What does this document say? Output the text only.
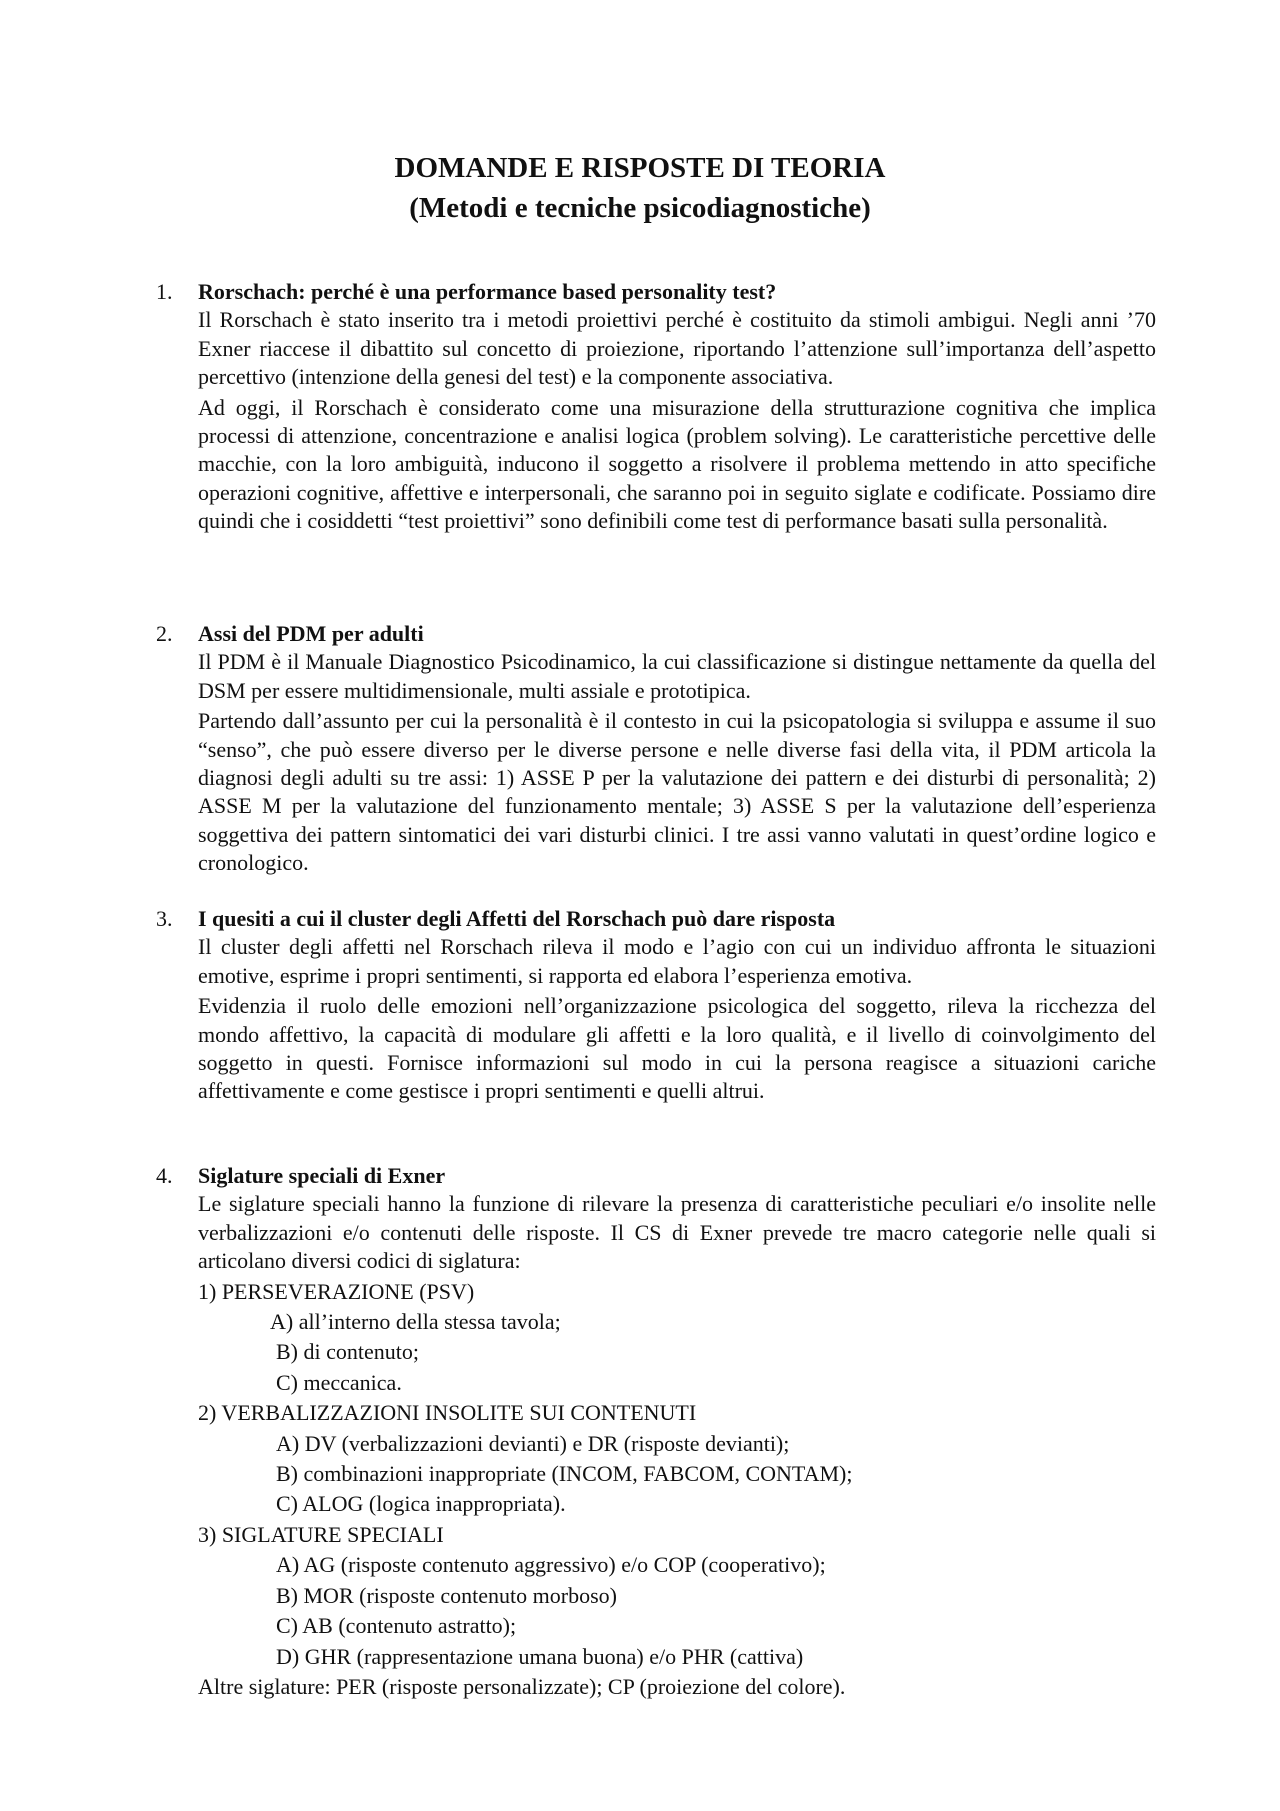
DOMANDE E RISPOSTE DI TEORIA
(Metodi e tecniche psicodiagnostiche)
1.	Rorschach: perché è una performance based personality test?
Il Rorschach è stato inserito tra i metodi proiettivi perché è costituito da stimoli ambigui. Negli anni ’70 Exner riaccese il dibattito sul concetto di proiezione, riportando l’attenzione sull’importanza dell’aspetto percettivo (intenzione della genesi del test) e la componente associativa.
Ad oggi, il Rorschach è considerato come una misurazione della strutturazione cognitiva che implica processi di attenzione, concentrazione e analisi logica (problem solving). Le caratteristiche percettive delle macchie, con la loro ambiguità, inducono il soggetto a risolvere il problema mettendo in atto specifiche operazioni cognitive, affettive e interpersonali, che saranno poi in seguito siglate e codificate. Possiamo dire quindi che i cosiddetti “test proiettivi” sono definibili come test di performance basati sulla personalità.
2.	Assi del PDM per adulti
Il PDM è il Manuale Diagnostico Psicodinamico, la cui classificazione si distingue nettamente da quella del DSM per essere multidimensionale, multi assiale e prototipica.
Partendo dall’assunto per cui la personalità è il contesto in cui la psicopatologia si sviluppa e assume il suo “senso”, che può essere diverso per le diverse persone e nelle diverse fasi della vita, il PDM articola la diagnosi degli adulti su tre assi: 1) ASSE P per la valutazione dei pattern e dei disturbi di personalità; 2) ASSE M per la valutazione del funzionamento mentale; 3) ASSE S per la valutazione dell’esperienza soggettiva dei pattern sintomatici dei vari disturbi clinici. I tre assi vanno valutati in quest’ordine logico e cronologico.
3.	I quesiti a cui il cluster degli Affetti del Rorschach può dare risposta
Il cluster degli affetti nel Rorschach rileva il modo e l’agio con cui un individuo affronta le situazioni emotive, esprime i propri sentimenti, si rapporta ed elabora l’esperienza emotiva.
Evidenzia il ruolo delle emozioni nell’organizzazione psicologica del soggetto, rileva la ricchezza del mondo affettivo, la capacità di modulare gli affetti e la loro qualità, e il livello di coinvolgimento del soggetto in questi. Fornisce informazioni sul modo in cui la persona reagisce a situazioni cariche affettivamente e come gestisce i propri sentimenti e quelli altrui.
4.	Siglature speciali di Exner
Le siglature speciali hanno la funzione di rilevare la presenza di caratteristiche peculiari e/o insolite nelle verbalizzazioni e/o contenuti delle risposte. Il CS di Exner prevede tre macro categorie nelle quali si articolano diversi codici di siglatura:
1) PERSEVERAZIONE (PSV)
A) all’interno della stessa tavola;
B) di contenuto;
C) meccanica.
2) VERBALIZZAZIONI INSOLITE SUI CONTENUTI
A) DV (verbalizzazioni devianti) e DR (risposte devianti);
B) combinazioni inappropriate (INCOM, FABCOM, CONTAM);
C) ALOG (logica inappropriata).
3) SIGLATURE SPECIALI
A) AG (risposte contenuto aggressivo) e/o COP (cooperativo);
B) MOR (risposte contenuto morboso)
C) AB (contenuto astratto);
D) GHR (rappresentazione umana buona) e/o PHR (cattiva)
Altre siglature: PER (risposte personalizzate); CP (proiezione del colore).
